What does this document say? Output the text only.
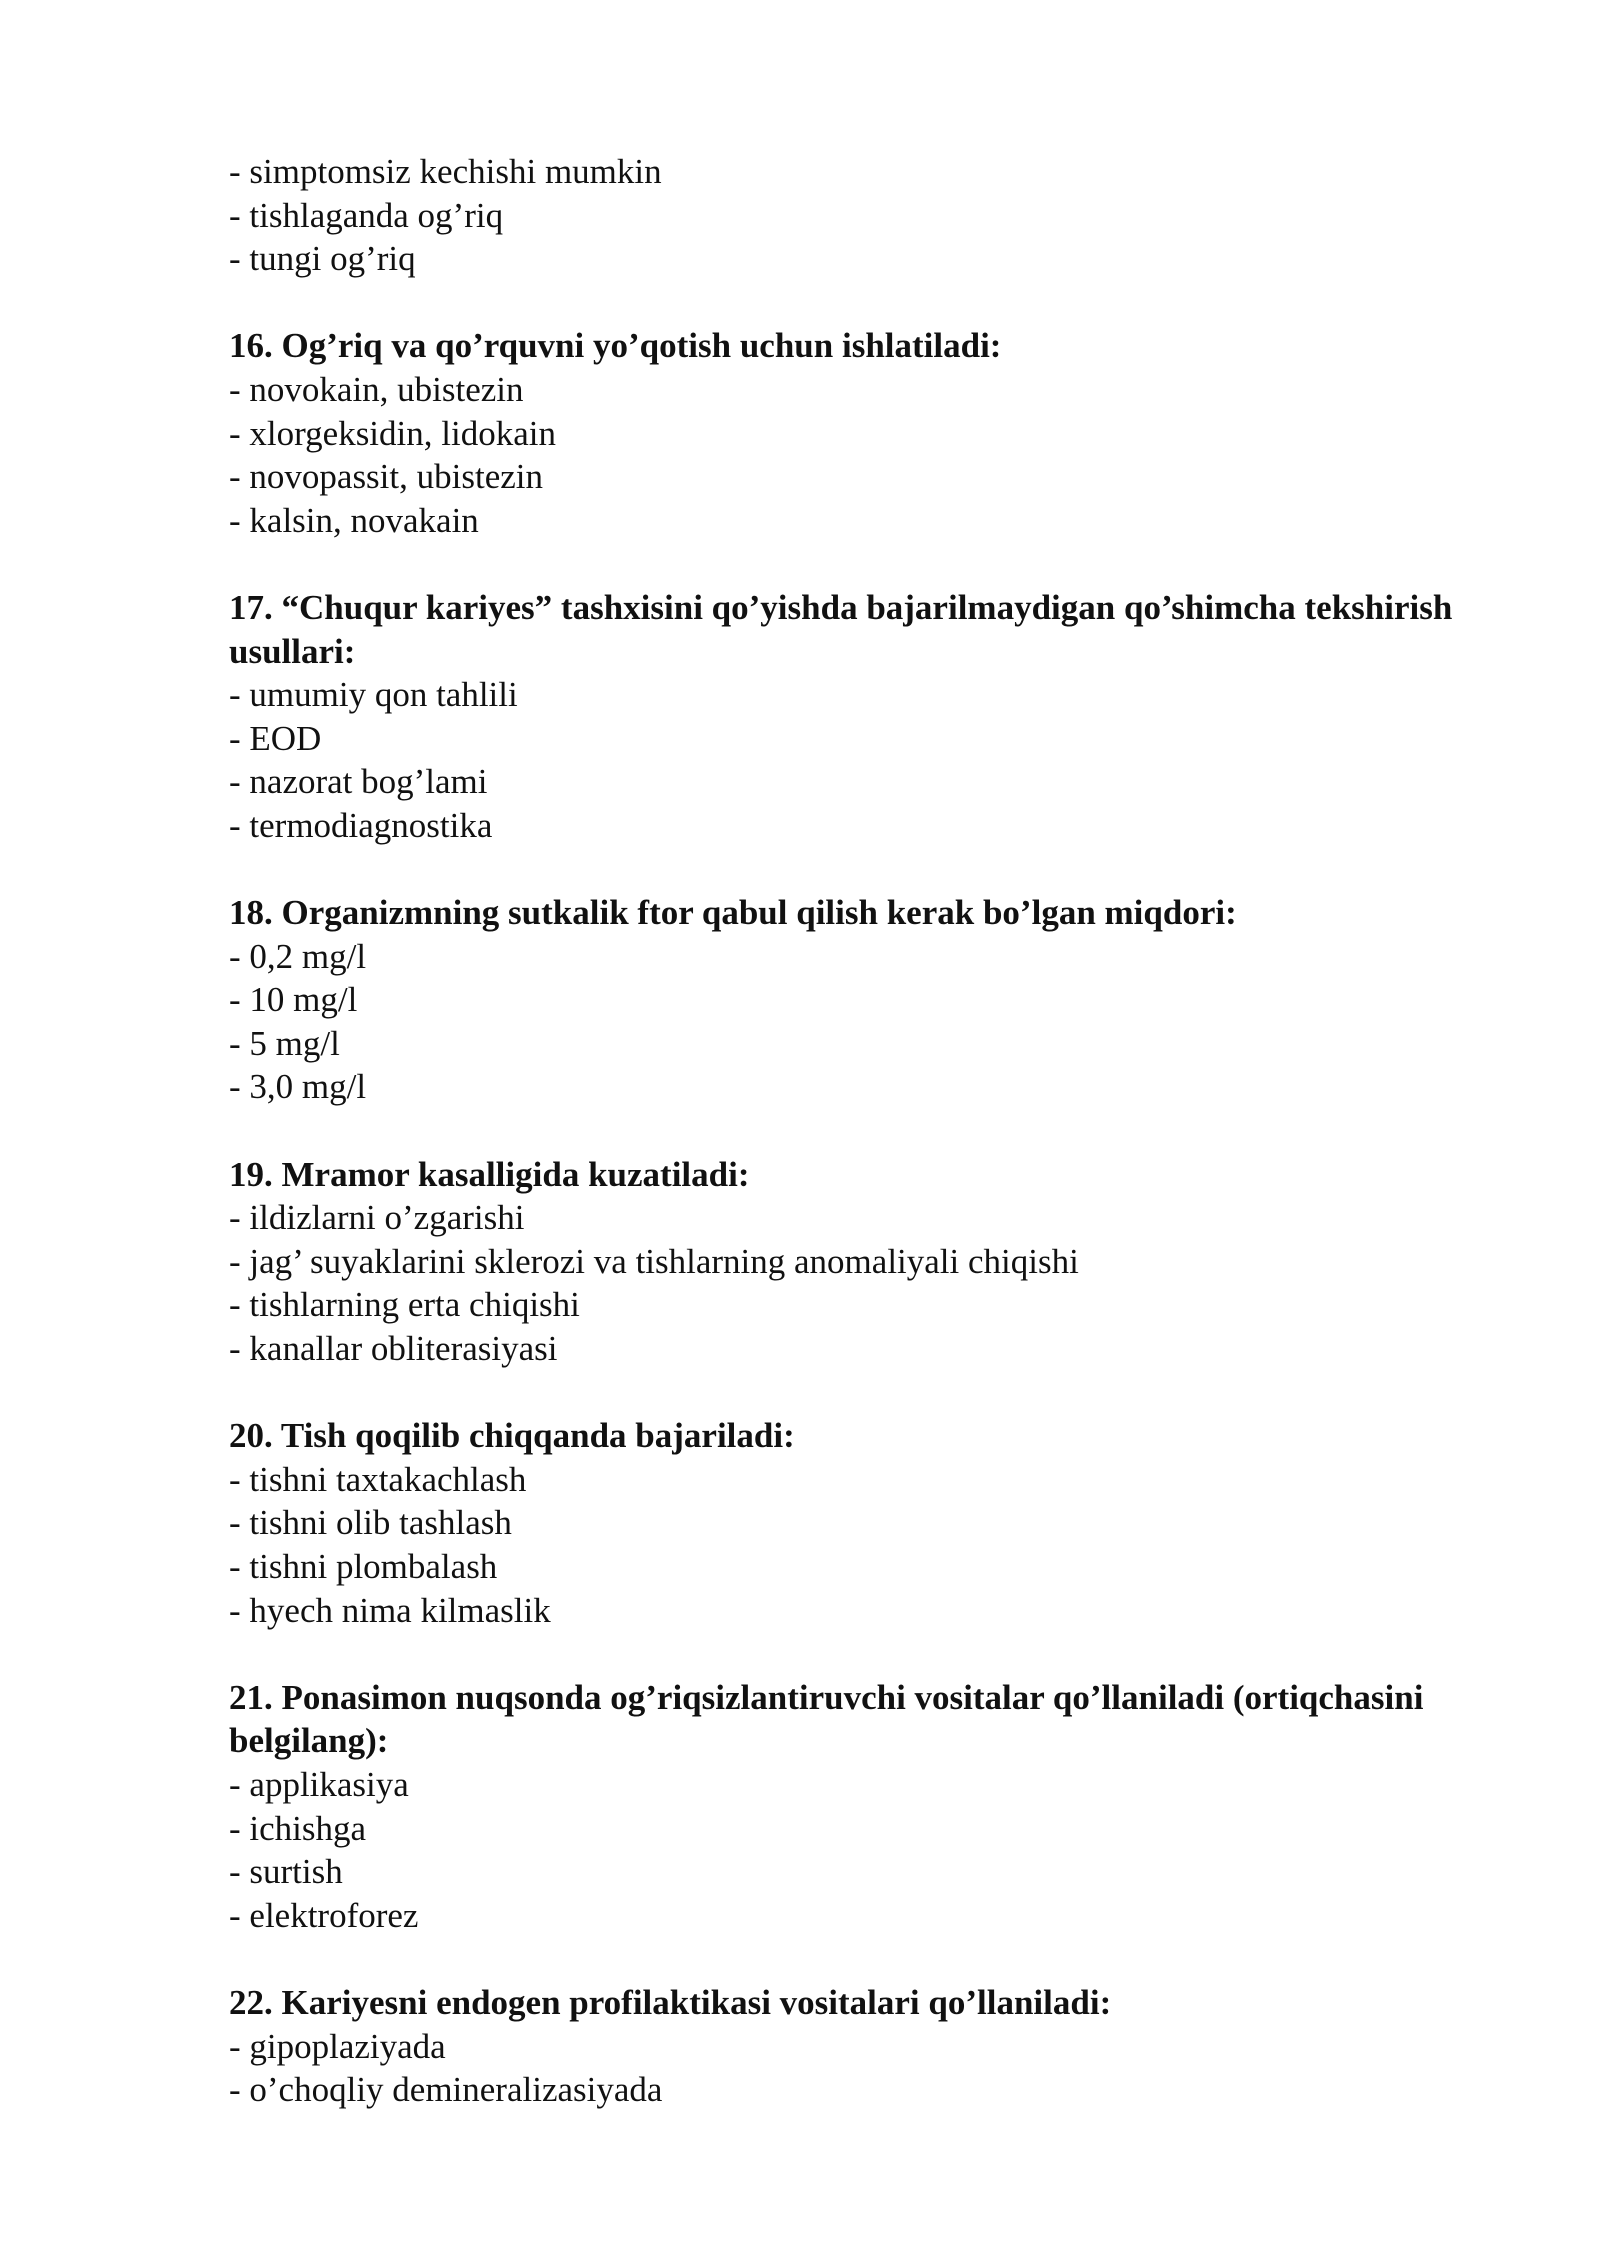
- simptomsiz kechishi mumkin
- tishlaganda og’riq
- tungi og’riq

16. Og’riq va qo’rquvni yo’qotish uchun ishlatiladi:

- novokain, ubistezin
- xlorgeksidin, lidokain
- novopassit, ubistezin
- kalsin, novakain

17. “Chuqur kariyes” tashxisini qo’yishda bajarilmaydigan qo’shimcha tekshirish usullari:

- umumiy qon tahlili
- EOD
- nazorat bog’lami
- termodiagnostika

18. Organizmning sutkalik ftor qabul qilish kerak bo’lgan miqdori:

- 0,2 mg/l
- 10 mg/l
- 5 mg/l
- 3,0 mg/l

19. Mramor kasalligida kuzatiladi:

- ildizlarni o’zgarishi
- jag’ suyaklarini sklerozi va tishlarning anomaliyali chiqishi
- tishlarning erta chiqishi
- kanallar obliterasiyasi

20. Tish qoqilib chiqqanda bajariladi:

- tishni taxtakachlash
- tishni olib tashlash
- tishni plombalash
- hyech nima kilmaslik

21. Ponasimon nuqsonda og’riqsizlantiruvchi vositalar qo’llaniladi (ortiqchasini belgilang):

- applikasiya
- ichishga
- surtish
- elektroforez

22. Kariyesni endogen profilaktikasi vositalari qo’llaniladi:

- gipoplaziyada
- o’choqliy demineralizasiyada
